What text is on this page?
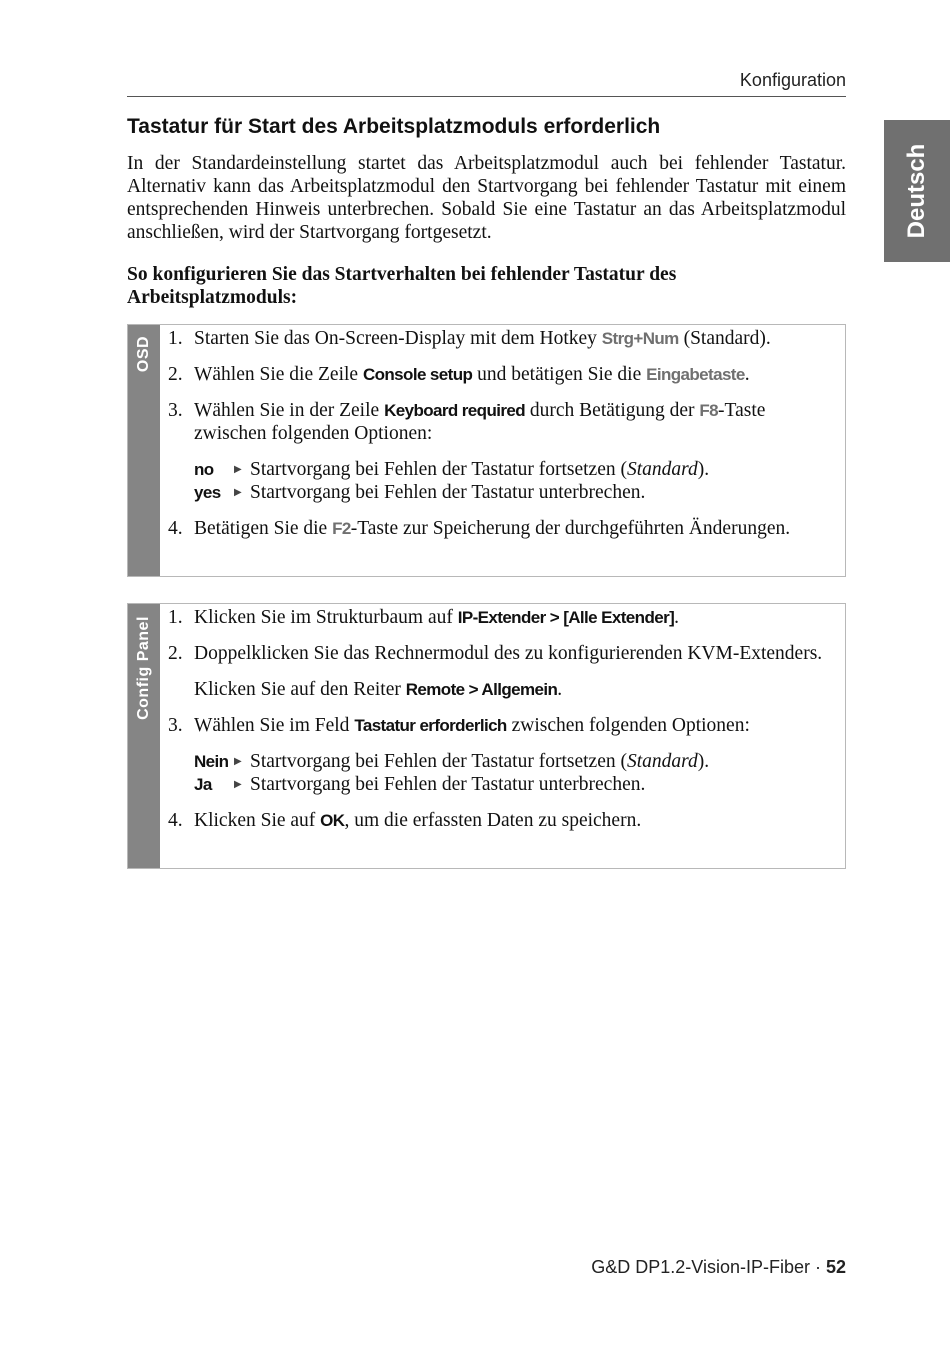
Konfiguration
Deutsch
Tastatur für Start des Arbeitsplatzmoduls erforderlich

In der Standardeinstellung startet das Arbeitsplatzmodul auch bei fehlender Tastatur. Alternativ kann das Arbeitsplatzmodul den Startvorgang bei fehlender Tastatur mit einem entsprechenden Hinweis unterbrechen. Sobald Sie eine Tastatur an das Arbeitsplatzmodul anschließen, wird der Startvorgang fortgesetzt.

So konfigurieren Sie das Startverhalten bei fehlender Tastatur des Arbeitsplatzmoduls:

OSD 1. Starten Sie das On-Screen-Display mit dem Hotkey Strg+Num (Standard).
2. Wählen Sie die Zeile Console setup und betätigen Sie die Eingabetaste.
3. Wählen Sie in der Zeile Keyboard required durch Betätigung der F8-Taste zwischen folgenden Optionen:
no	▶ Startvorgang bei Fehlen der Tastatur fortsetzen (Standard).
yes	▶ Startvorgang bei Fehlen der Tastatur unterbrechen.
4. Betätigen Sie die F2-Taste zur Speicherung der durchgeführten Änderungen.
Config Panel 1. Klicken Sie im Strukturbaum auf IP-Extender > [Alle Extender].
2. Doppelklicken Sie das Rechnermodul des zu konfigurierenden KVM-Extenders.
Klicken Sie auf den Reiter Remote > Allgemein.
3. Wählen Sie im Feld Tastatur erforderlich zwischen folgenden Optionen:
Nein ▶ Startvorgang bei Fehlen der Tastatur fortsetzen (Standard).
Ja	▶ Startvorgang bei Fehlen der Tastatur unterbrechen.
4. Klicken Sie auf OK, um die erfassten Daten zu speichern.
G&D DP1.2-Vision-IP-Fiber · 52
